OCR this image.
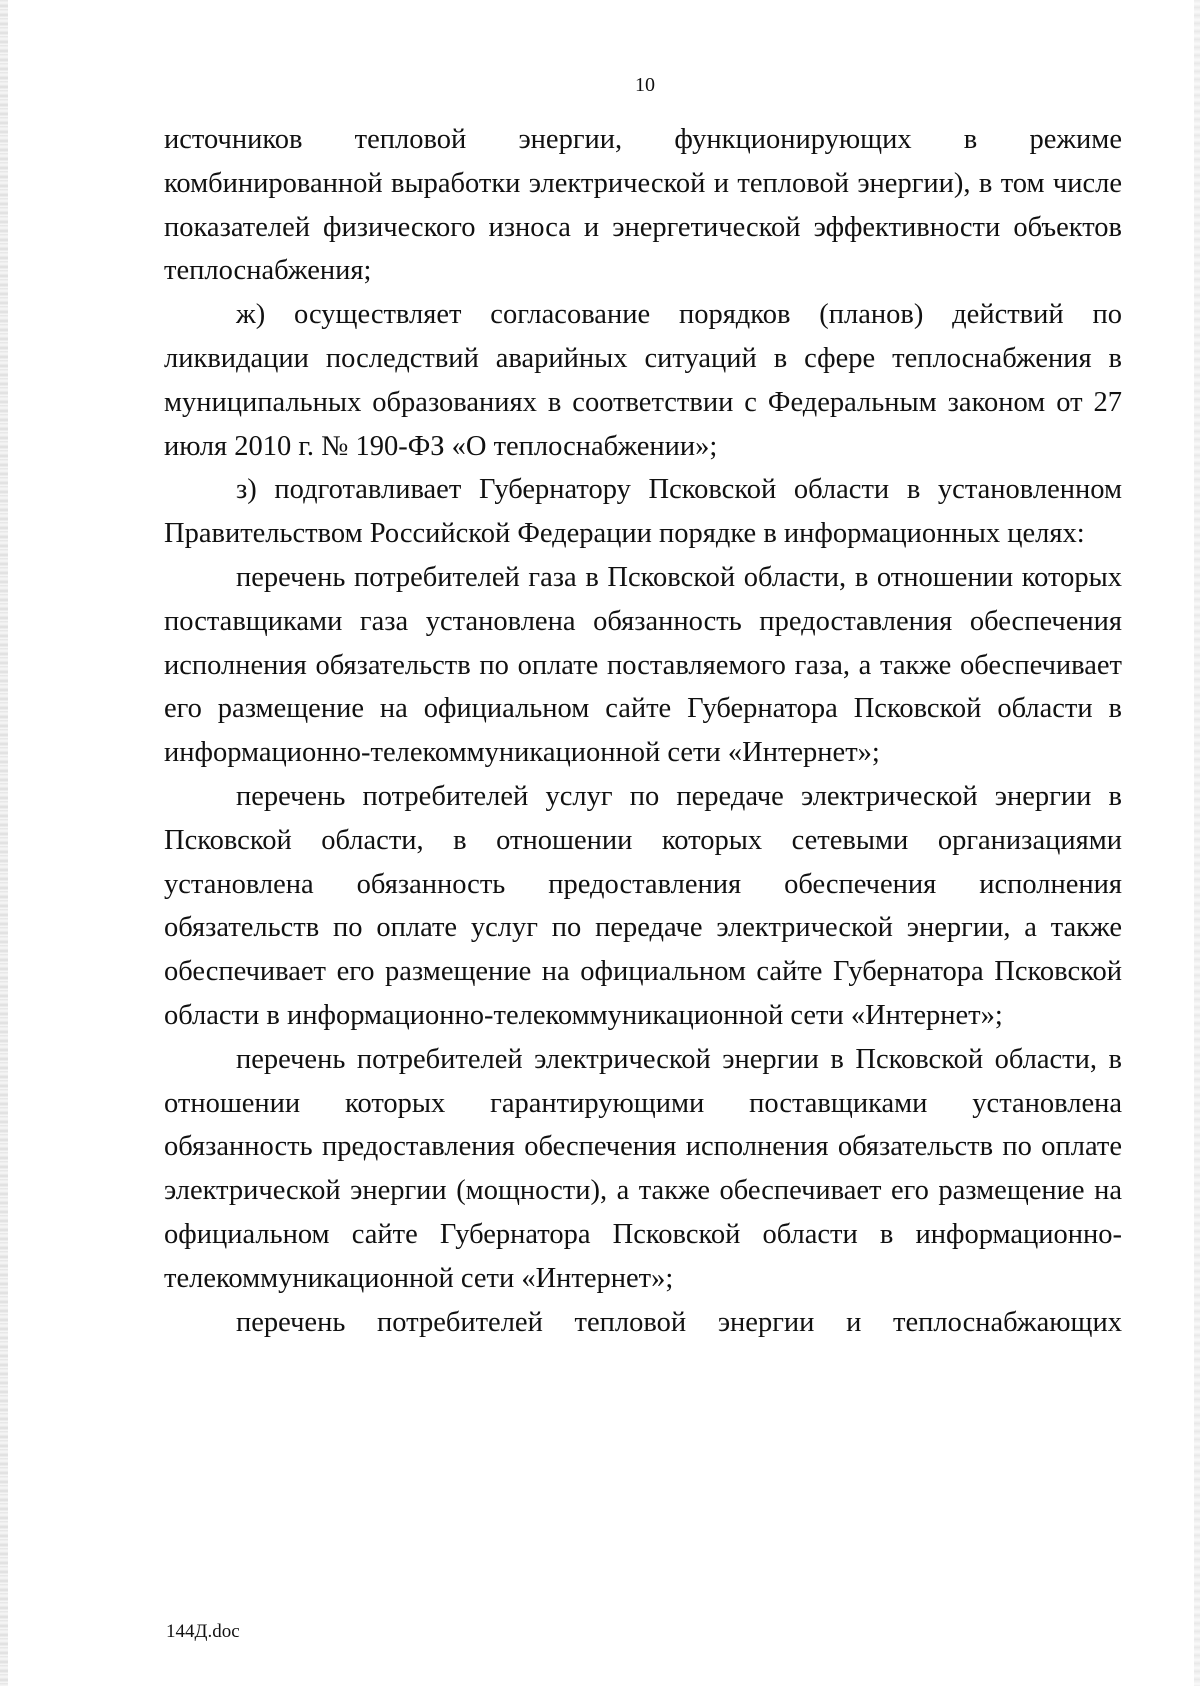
10

источников тепловой энергии, функционирующих в режиме комбинированной выработки электрической и тепловой энергии), в том числе показателей физического износа и энергетической эффективности объектов теплоснабжения;

ж) осуществляет согласование порядков (планов) действий по ликвидации последствий аварийных ситуаций в сфере теплоснабжения в муниципальных образованиях в соответствии с Федеральным законом от 27 июля 2010 г. № 190-ФЗ «О теплоснабжении»;

з) подготавливает Губернатору Псковской области в установленном Правительством Российской Федерации порядке в информационных целях:

перечень потребителей газа в Псковской области, в отношении которых поставщиками газа установлена обязанность предоставления обеспечения исполнения обязательств по оплате поставляемого газа, а также обеспечивает его размещение на официальном сайте Губернатора Псковской области в информационно-телекоммуникационной сети «Интернет»;

перечень потребителей услуг по передаче электрической энергии в Псковской области, в отношении которых сетевыми организациями установлена обязанность предоставления обеспечения исполнения обязательств по оплате услуг по передаче электрической энергии, а также обеспечивает его размещение на официальном сайте Губернатора Псковской области в информационно-телекоммуникационной сети «Интернет»;

перечень потребителей электрической энергии в Псковской области, в отношении которых гарантирующими поставщиками установлена обязанность предоставления обеспечения исполнения обязательств по оплате электрической энергии (мощности), а также обеспечивает его размещение на официальном сайте Губернатора Псковской области в информационно-телекоммуникационной сети «Интернет»;

перечень потребителей тепловой энергии и теплоснабжающих

144Д.doc
